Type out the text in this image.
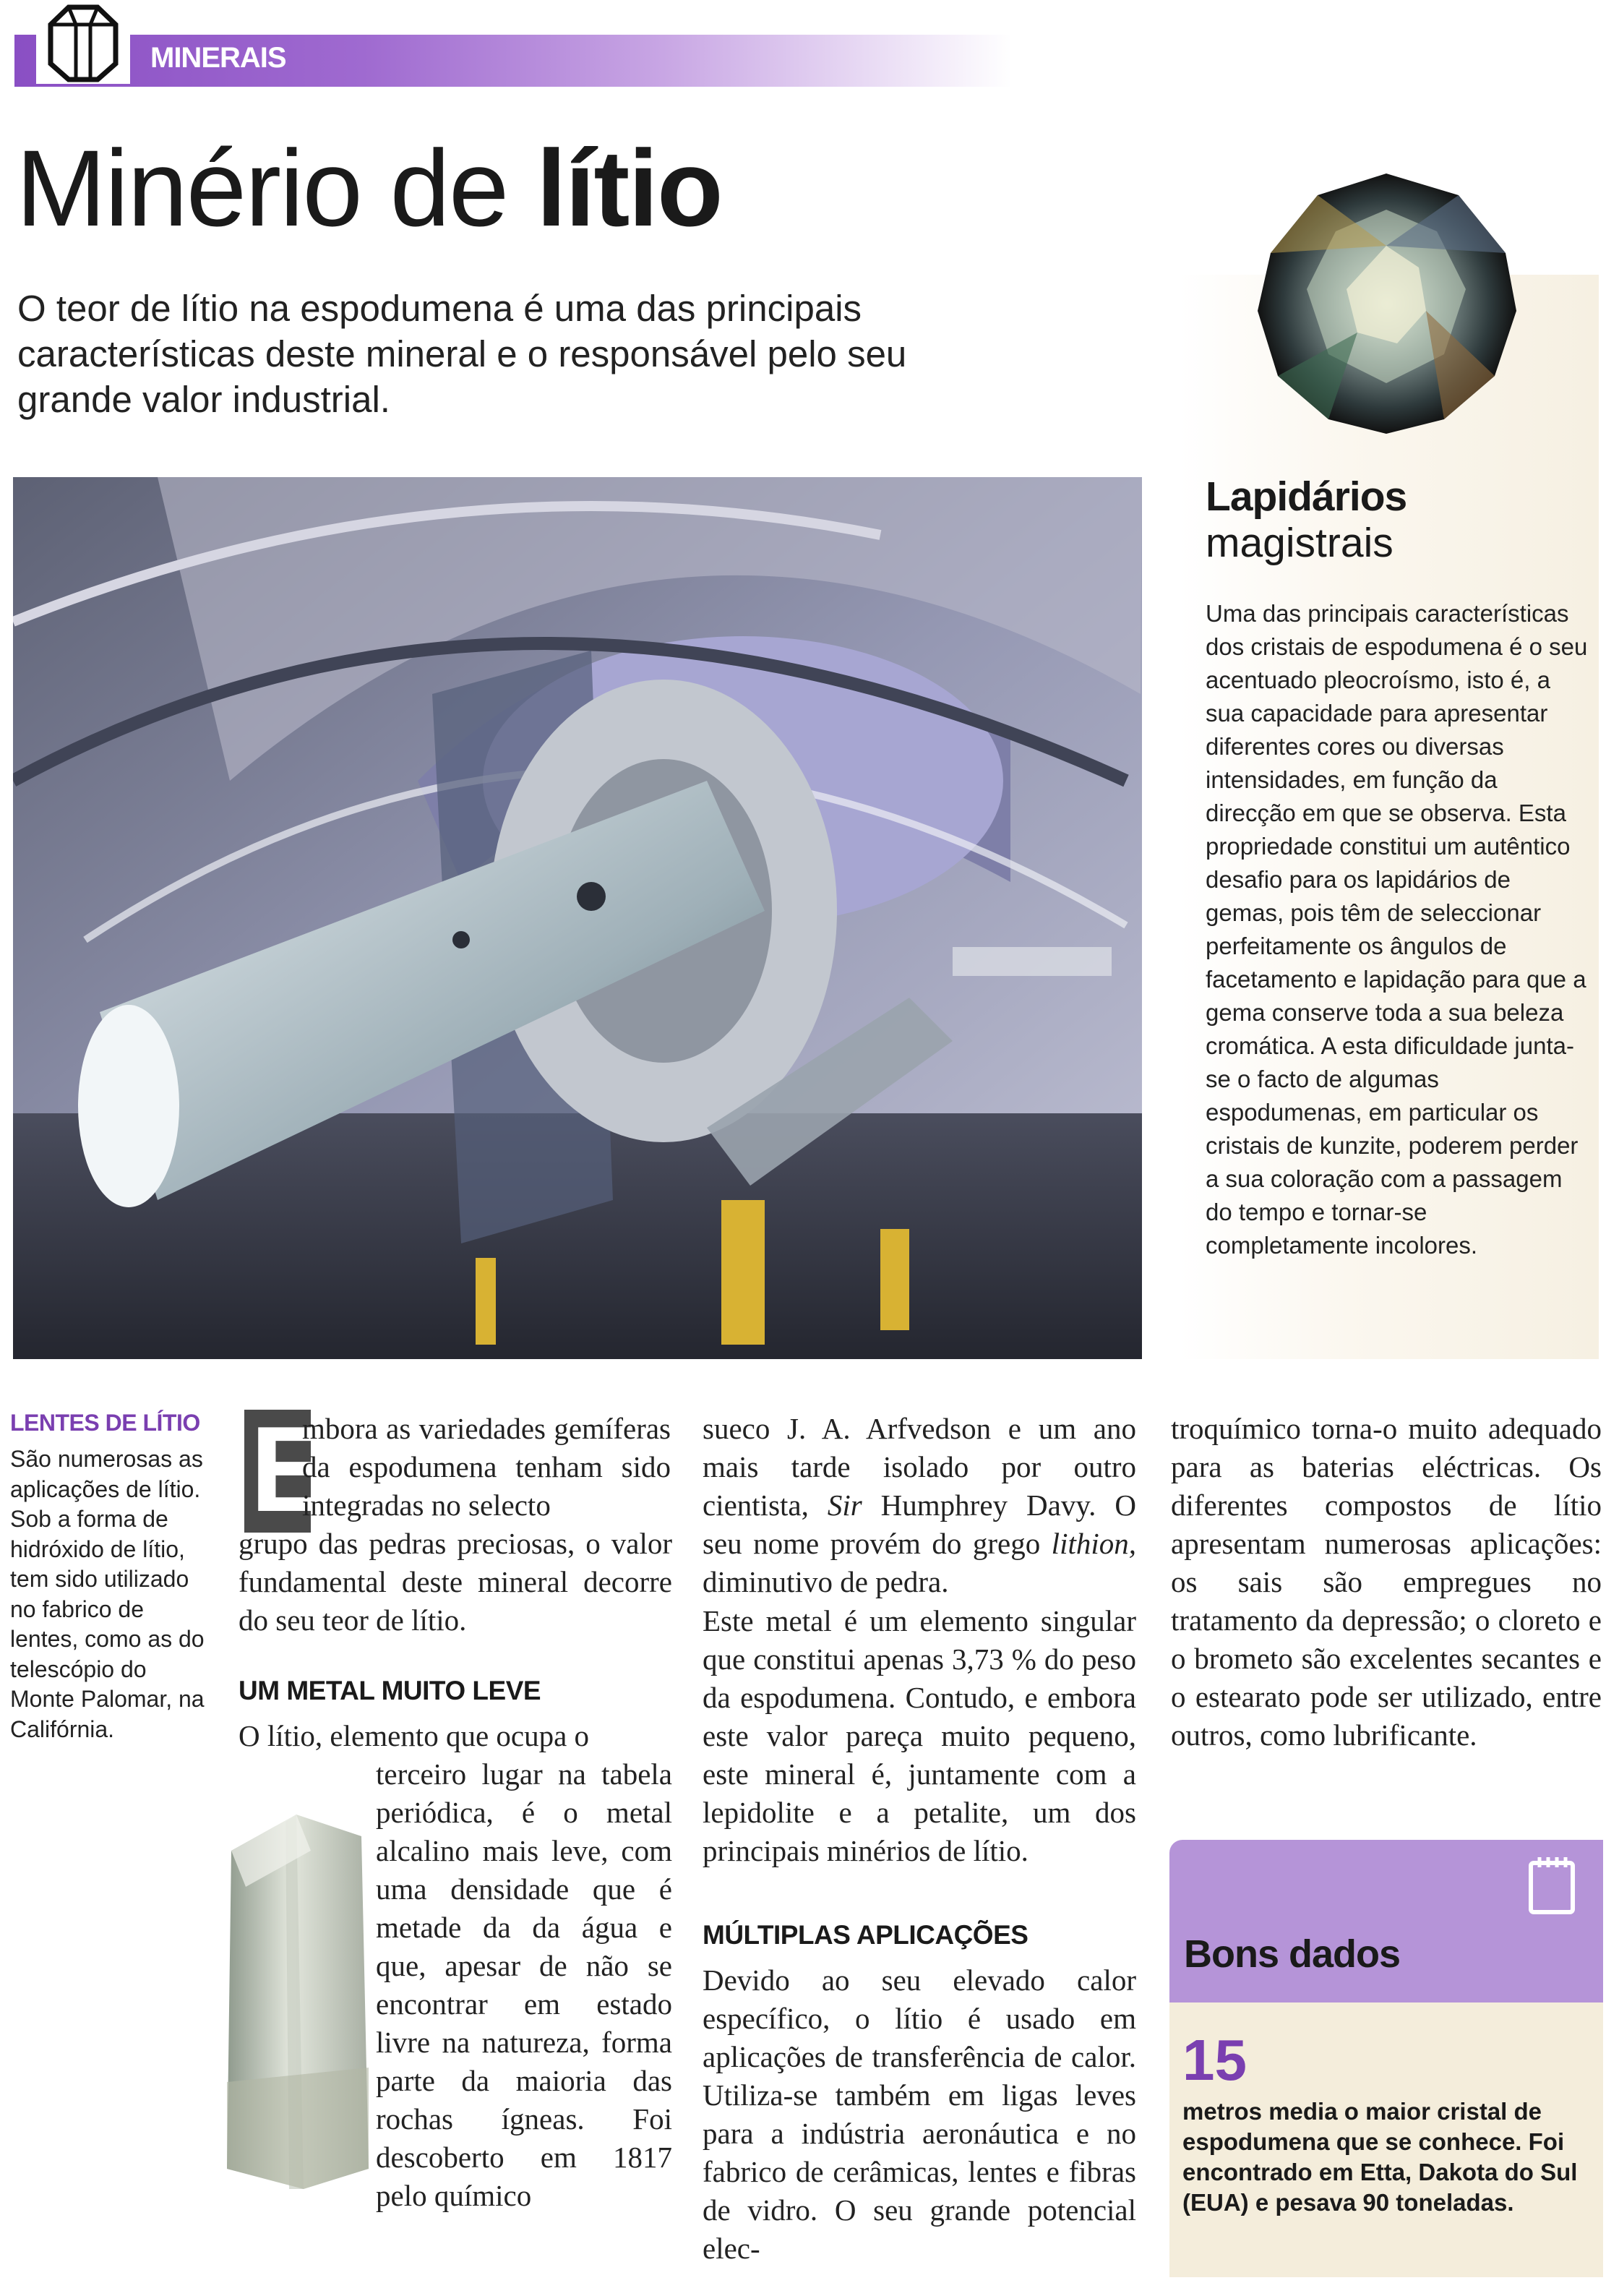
MINERAIS
Minério de lítio
O teor de lítio na espodumena é uma das principais características deste mineral e o responsável pelo seu grande valor industrial.
Lapidários
magistrais
Uma das principais características dos cristais de espodumena é o seu acentuado pleocroísmo, isto é, a sua capacidade para apresentar diferentes cores ou diversas intensidades, em função da direcção em que se observa. Esta propriedade constitui um autêntico desafio para os lapidários de gemas, pois têm de seleccionar perfeitamente os ângulos de facetamento e lapidação para que a gema conserve toda a sua beleza cromática. A esta dificuldade junta-se o facto de algumas espodumenas, em particular os cristais de kunzite, poderem perder a sua coloração com a passagem do tempo e tornar-se completamente incolores.
LENTES DE LÍTIO
São numerosas as aplicações de lítio. Sob a forma de hidróxido de lítio, tem sido utilizado no fabrico de lentes, como as do telescópio do Monte Palomar, na Califórnia.
E
mbora as variedades gemíferas da espodumena tenham sido integradas no selecto
grupo das pedras preciosas, o valor fundamental deste mineral decorre do seu teor de lítio.
UM METAL MUITO LEVE
O lítio, elemento que ocupa o
terceiro lugar na tabela periódica, é o metal alcalino mais leve, com uma densidade que é metade da da água e que, apesar de não se encontrar em estado livre na natureza, forma parte da maioria das rochas ígneas. Foi descoberto em 1817 pelo químico
sueco J. A. Arfvedson e um ano mais tarde isolado por outro cientista, Sir Humphrey Davy. O seu nome provém do grego lithion, diminutivo de pedra.
Este metal é um elemento singular que constitui apenas 3,73 % do peso da espodumena. Contudo, e embora este valor pareça muito pequeno, este mineral é, juntamente com a lepidolite e a petalite, um dos principais minérios de lítio.
MÚLTIPLAS APLICAÇÕES
Devido ao seu elevado calor específico, o lítio é usado em aplicações de transferência de calor. Utiliza-se também em ligas leves para a indústria aeronáutica e no fabrico de cerâmicas, lentes e fibras de vidro. O seu grande potencial elec-
troquímico torna-o muito adequado para as baterias eléctricas. Os diferentes compostos de lítio apresentam numerosas aplicações: os sais são empregues no tratamento da depressão; o cloreto e o brometo são excelentes secantes e o estearato pode ser utilizado, entre outros, como lubrificante.
Bons dados
15
metros media o maior cristal de espodumena que se conhece. Foi encontrado em Etta, Dakota do Sul (EUA) e pesava 90 toneladas.
